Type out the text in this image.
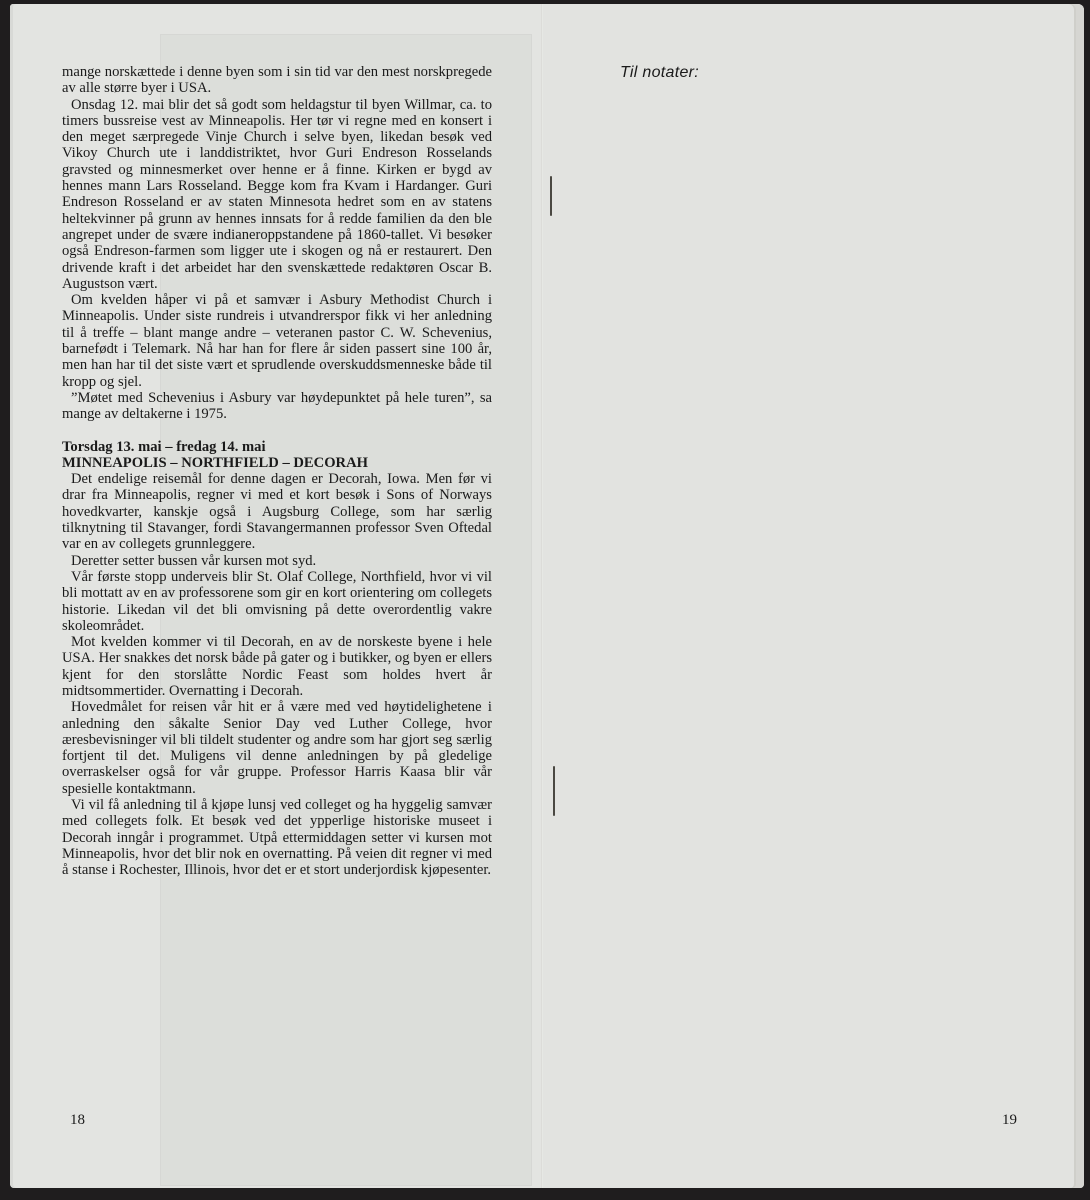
mange norskættede i denne byen som i sin tid var den mest norskpregede av alle større byer i USA.

Onsdag 12. mai blir det så godt som heldagstur til byen Willmar, ca. to timers bussreise vest av Minneapolis. Her tør vi regne med en konsert i den meget særpregede Vinje Church i selve byen, likedan besøk ved Vikoy Church ute i landdistriktet, hvor Guri Endreson Rosselands gravsted og minnesmerket over henne er å finne. Kirken er bygd av hennes mann Lars Rosseland. Begge kom fra Kvam i Hardanger. Guri Endreson Rosseland er av staten Minnesota hedret som en av statens heltekvinner på grunn av hennes innsats for å redde familien da den ble angrepet under de svære indianeroppstandene på 1860-tallet. Vi besøker også Endreson-farmen som ligger ute i skogen og nå er restaurert. Den drivende kraft i det arbeidet har den svenskættede redaktøren Oscar B. Augustson vært.

Om kvelden håper vi på et samvær i Asbury Methodist Church i Minneapolis. Under siste rundreis i utvandrerspor fikk vi her anledning til å treffe – blant mange andre – veteranen pastor C. W. Schevenius, barnefødt i Telemark. Nå har han for flere år siden passert sine 100 år, men han har til det siste vært et sprudlende overskuddsmenneske både til kropp og sjel.

”Møtet med Schevenius i Asbury var høydepunktet på hele turen”, sa mange av deltakerne i 1975.

Torsdag 13. mai – fredag 14. mai
MINNEAPOLIS – NORTHFIELD – DECORAH

Det endelige reisemål for denne dagen er Decorah, Iowa. Men før vi drar fra Minneapolis, regner vi med et kort besøk i Sons of Norways hovedkvarter, kanskje også i Augsburg College, som har særlig tilknytning til Stavanger, fordi Stavangermannen professor Sven Oftedal var en av collegets grunnleggere.

Deretter setter bussen vår kursen mot syd.

Vår første stopp underveis blir St. Olaf College, Northfield, hvor vi vil bli mottatt av en av professorene som gir en kort orientering om collegets historie. Likedan vil det bli omvisning på dette overordentlig vakre skoleområdet.

Mot kvelden kommer vi til Decorah, en av de norskeste byene i hele USA. Her snakkes det norsk både på gater og i butikker, og byen er ellers kjent for den storslåtte Nordic Feast som holdes hvert år midtsommertider. Overnatting i Decorah.

Hovedmålet for reisen vår hit er å være med ved høytidelighetene i anledning den såkalte Senior Day ved Luther College, hvor æresbevisninger vil bli tildelt studenter og andre som har gjort seg særlig fortjent til det. Muligens vil denne anledningen by på gledelige overraskelser også for vår gruppe. Professor Harris Kaasa blir vår spesielle kontaktmann.

Vi vil få anledning til å kjøpe lunsj ved colleget og ha hyggelig samvær med collegets folk. Et besøk ved det ypperlige historiske museet i Decorah inngår i programmet. Utpå ettermiddagen setter vi kursen mot Minneapolis, hvor det blir nok en overnatting. På veien dit regner vi med å stanse i Rochester, Illinois, hvor det er et stort underjordisk kjøpesenter.

Til notater:
18	19
